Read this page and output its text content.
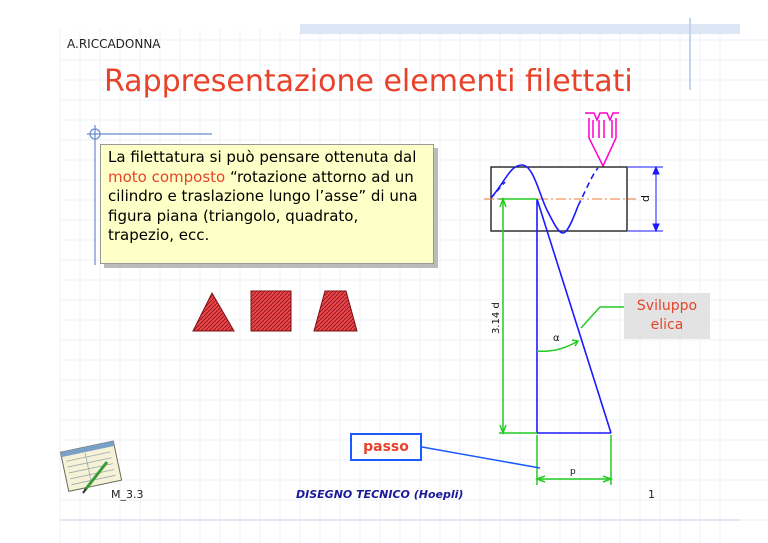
d
3.14 d
α
p
A.RICCADONNA
Rappresentazione elementi filettati

La filettatura si può pensare ottenuta dal moto composto “rotazione attorno ad un cilindro e traslazione lungo l’asse” di una figura piana (triangolo, quadrato, trapezio, ecc.

Sviluppo elica
passo
M_3.3	DISEGNO TECNICO (Hoepli)	1
